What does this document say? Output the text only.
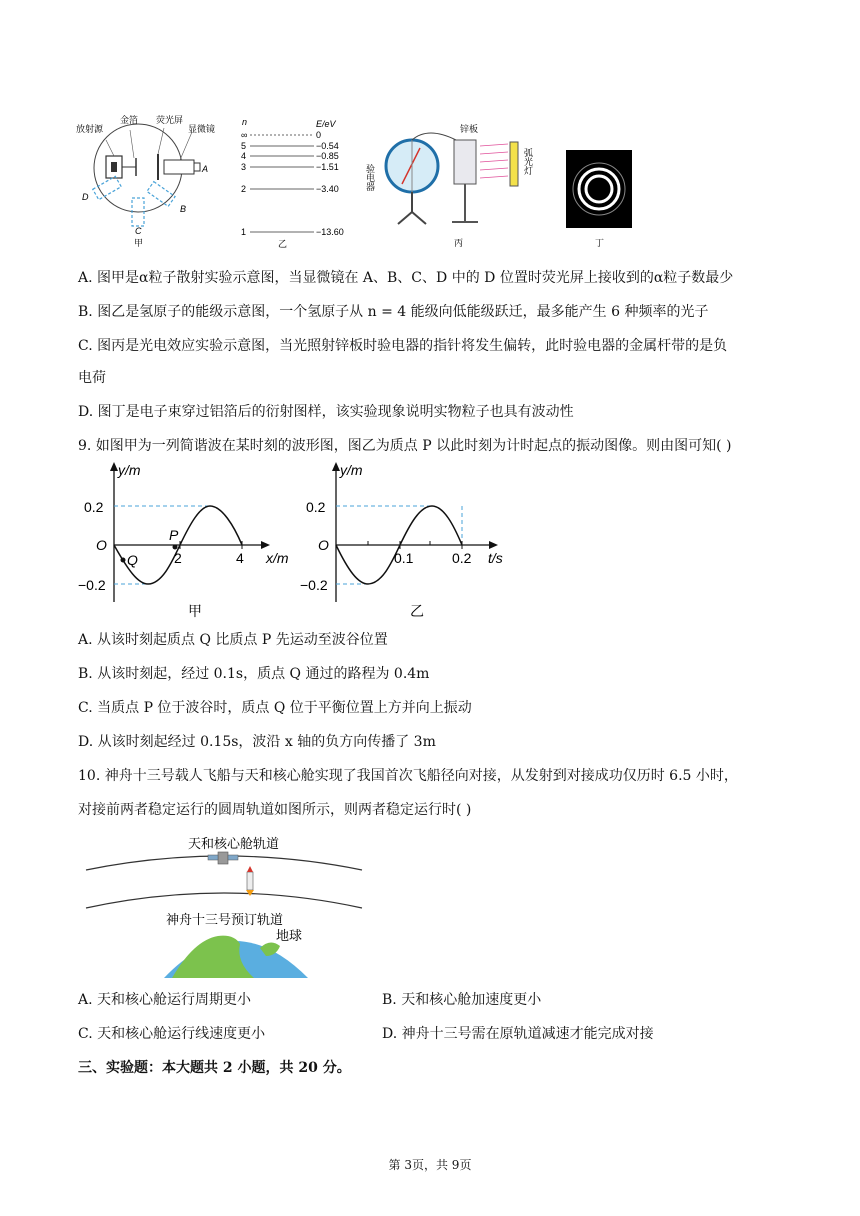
放射源
金箔 荧光屏
显微镜
A
B
C
D
甲
n	E/eV
∞	0
5	−0.54
4	−0.85
3	−1.51
2	−3.40
1	−13.60
乙
锌板
验电器
弧光灯
丙	丁
A. 图甲是α粒子散射实验示意图，当显微镜在 A、B、C、D 中的 D 位置时荧光屏上接收到的α粒子数最少
B. 图乙是氢原子的能级示意图，一个氢原子从 n = 4 能级向低能级跃迁，最多能产生 6 种频率的光子
C. 图丙是光电效应实验示意图，当光照射锌板时验电器的指针将发生偏转，此时验电器的金属杆带的是负
电荷
D. 图丁是电子束穿过铝箔后的衍射图样，该实验现象说明实物粒子也具有波动性
9. 如图甲为一列简谐波在某时刻的波形图，图乙为质点 P 以此时刻为计时起点的振动图像。则由图可知( )
y/m
0.2
−0.2
O
2	4 x/m
P
Q
甲
y/m
0.2
−0.2
O
0.1	0.2 t/s
乙
A. 从该时刻起质点 Q 比质点 P 先运动至波谷位置
B. 从该时刻起，经过 0.1s，质点 Q 通过的路程为 0.4m
C. 当质点 P 位于波谷时，质点 Q 位于平衡位置上方并向上振动
D. 从该时刻起经过 0.15s，波沿 x 轴的负方向传播了 3m
10. 神舟十三号载人飞船与天和核心舱实现了我国首次飞船径向对接，从发射到对接成功仅历时 6.5 小时，
对接前两者稳定运行的圆周轨道如图所示，则两者稳定运行时( )
天和核心舱轨道
神舟十三号预订轨道
地球
A. 天和核心舱运行周期更小	B. 天和核心舱加速度更小
C. 天和核心舱运行线速度更小	D. 神舟十三号需在原轨道减速才能完成对接
三、实验题：本大题共 2 小题，共 20 分。
第 3页，共 9页
